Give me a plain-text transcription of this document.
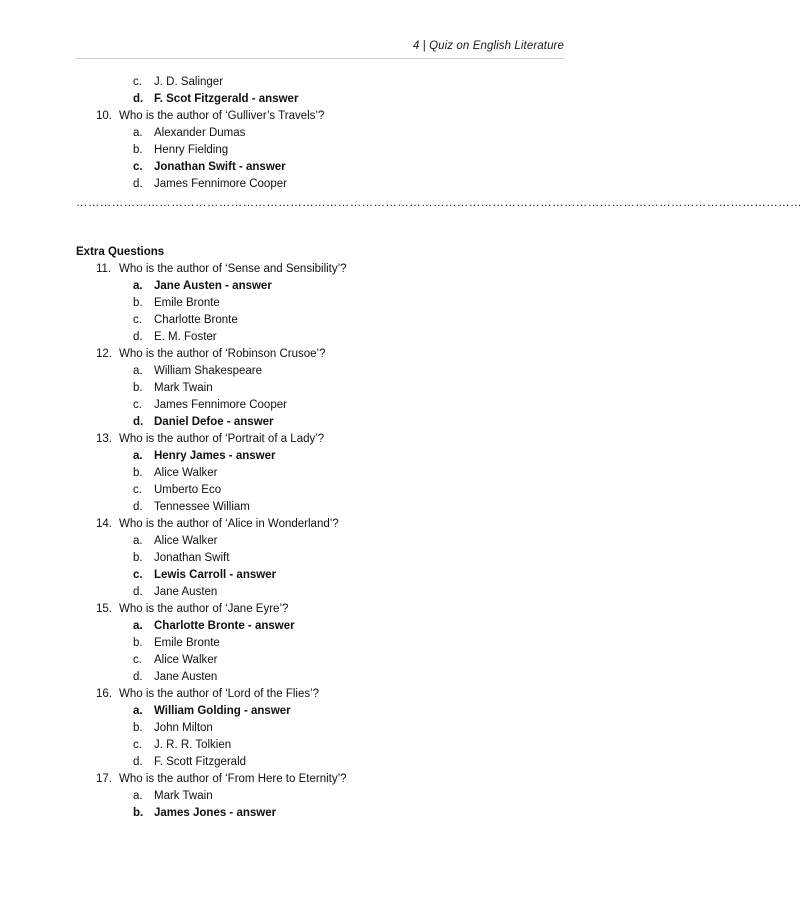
4 | Quiz on English Literature
c. J. D. Salinger
d. F. Scot Fitzgerald - answer
10. Who is the author of ‘Gulliver’s Travels’?
a. Alexander Dumas
b. Henry Fielding
c. Jonathan Swift - answer
d. James Fennimore Cooper
…………………………………………………………………………………………………………………………………………………………………
Extra Questions
11. Who is the author of ‘Sense and Sensibility’?
a. Jane Austen - answer
b. Emile Bronte
c. Charlotte Bronte
d. E. M. Foster
12. Who is the author of ‘Robinson Crusoe’?
a. William Shakespeare
b. Mark Twain
c. James Fennimore Cooper
d. Daniel Defoe - answer
13. Who is the author of ‘Portrait of a Lady’?
a. Henry James - answer
b. Alice Walker
c. Umberto Eco
d. Tennessee William
14. Who is the author of ‘Alice in Wonderland’?
a. Alice Walker
b. Jonathan Swift
c. Lewis Carroll - answer
d. Jane Austen
15. Who is the author of ‘Jane Eyre’?
a. Charlotte Bronte - answer
b. Emile Bronte
c. Alice Walker
d. Jane Austen
16. Who is the author of ‘Lord of the Flies’?
a. William Golding - answer
b. John Milton
c. J. R. R. Tolkien
d. F. Scott Fitzgerald
17. Who is the author of ‘From Here to Eternity’?
a. Mark Twain
b. James Jones - answer
